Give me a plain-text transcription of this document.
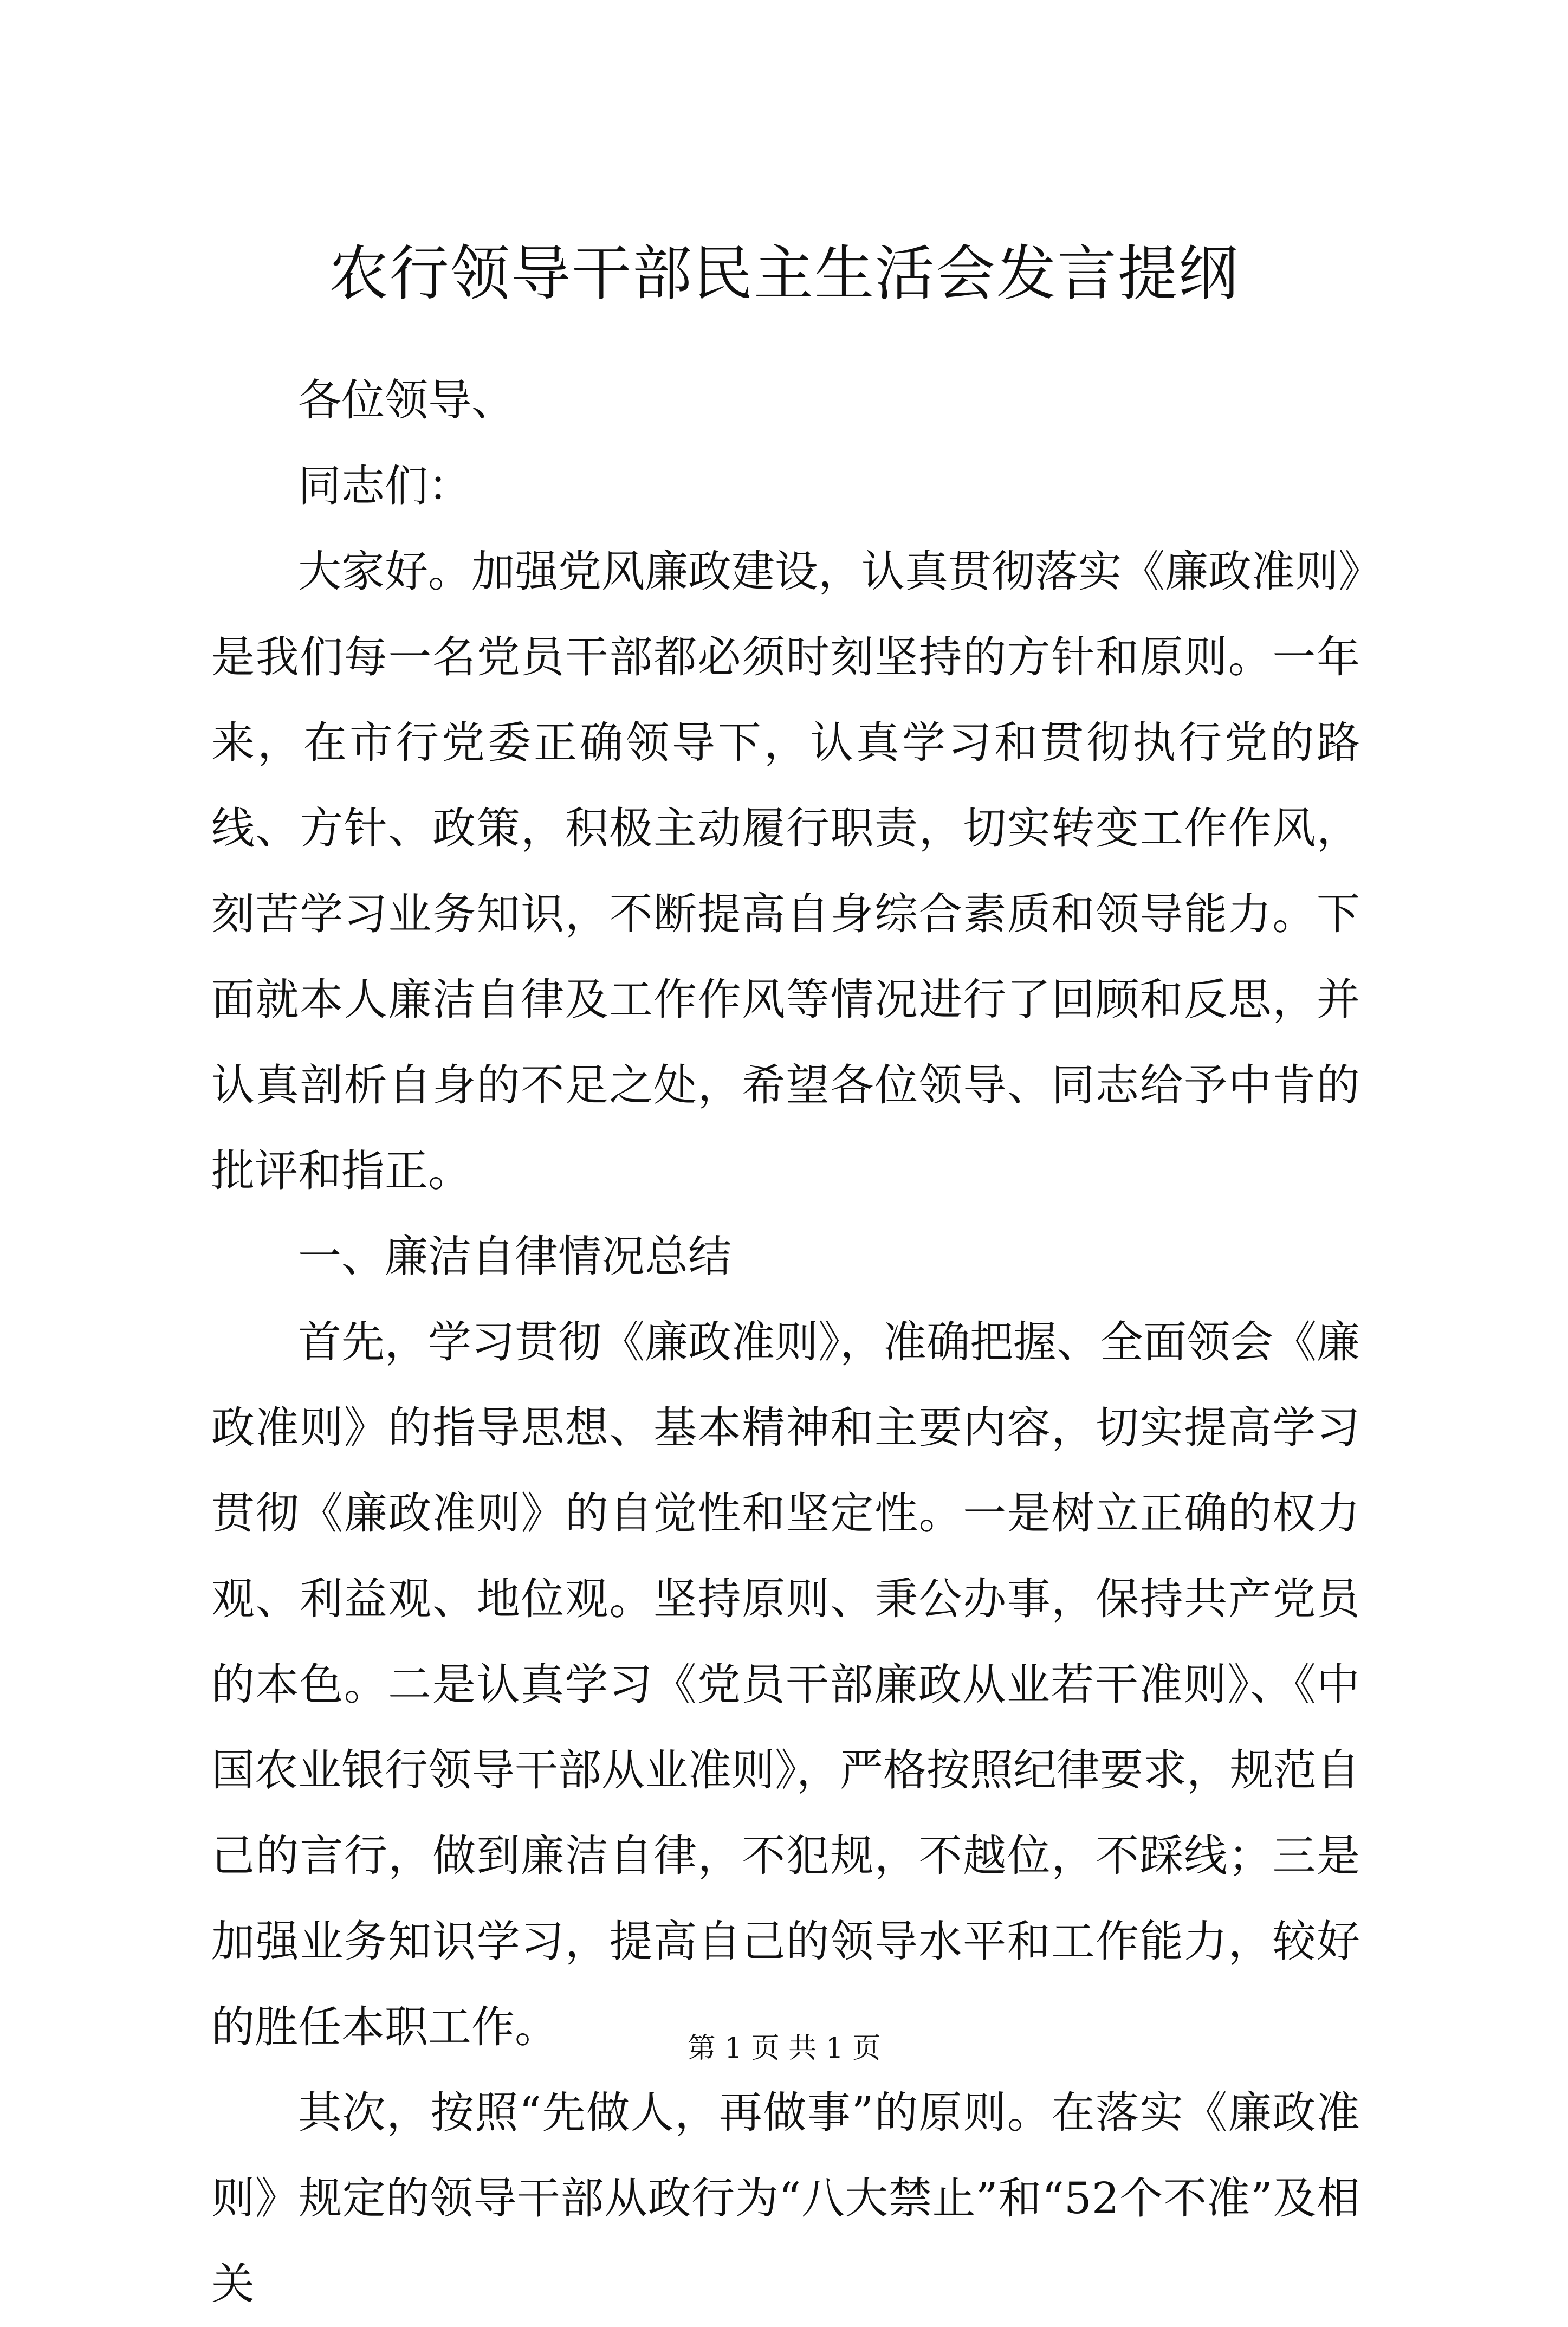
农行领导干部民主生活会发言提纲

各位领导、

同志们：

大家好。加强党风廉政建设，认真贯彻落实《廉政准则》是我们每一名党员干部都必须时刻坚持的方针和原则。一年来，在市行党委正确领导下，认真学习和贯彻执行党的路线、方针、政策，积极主动履行职责，切实转变工作作风，刻苦学习业务知识，不断提高自身综合素质和领导能力。下面就本人廉洁自律及工作作风等情况进行了回顾和反思，并认真剖析自身的不足之处，希望各位领导、同志给予中肯的批评和指正。

一、廉洁自律情况总结

首先，学习贯彻《廉政准则》，准确把握、全面领会《廉政准则》的指导思想、基本精神和主要内容，切实提高学习贯彻《廉政准则》的自觉性和坚定性。一是树立正确的权力观、利益观、地位观。坚持原则、秉公办事，保持共产党员的本色。二是认真学习《党员干部廉政从业若干准则》、《中国农业银行领导干部从业准则》，严格按照纪律要求，规范自己的言行，做到廉洁自律，不犯规，不越位，不踩线；三是加强业务知识学习，提高自己的领导水平和工作能力，较好的胜任本职工作。

其次，按照“先做人，再做事”的原则。在落实《廉政准则》规定的领导干部从政行为“八大禁止”和“52个不准”及相关

第 1 页 共 1 页
